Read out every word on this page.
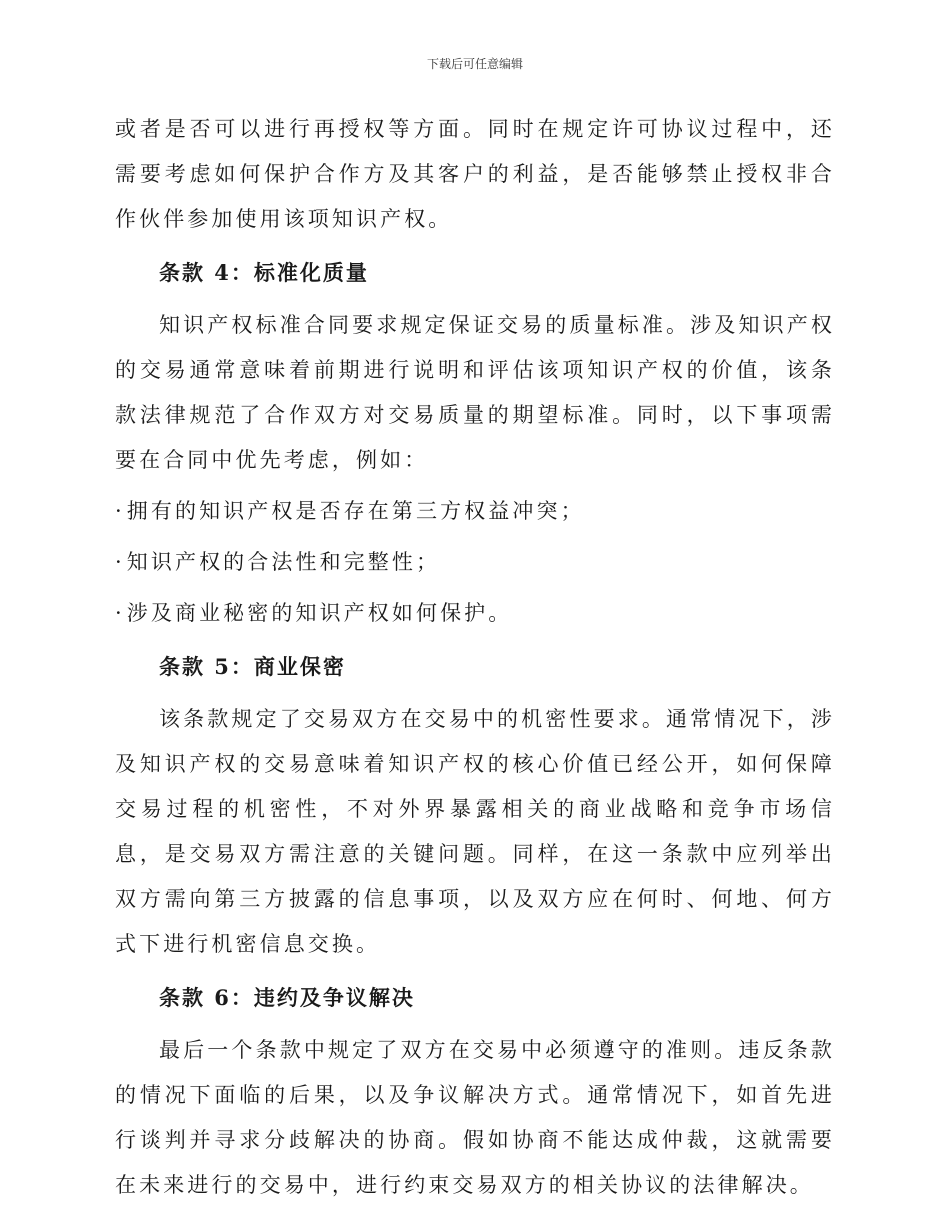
下载后可任意编辑

或者是否可以进行再授权等方面。同时在规定许可协议过程中，还需要考虑如何保护合作方及其客户的利益，是否能够禁止授权非合作伙伴参加使用该项知识产权。

条款 4：标准化质量

知识产权标准合同要求规定保证交易的质量标准。涉及知识产权的交易通常意味着前期进行说明和评估该项知识产权的价值，该条款法律规范了合作双方对交易质量的期望标准。同时，以下事项需要在合同中优先考虑，例如：

·拥有的知识产权是否存在第三方权益冲突；
·知识产权的合法性和完整性；
·涉及商业秘密的知识产权如何保护。
条款 5：商业保密

该条款规定了交易双方在交易中的机密性要求。通常情况下，涉及知识产权的交易意味着知识产权的核心价值已经公开，如何保障交易过程的机密性，不对外界暴露相关的商业战略和竞争市场信息，是交易双方需注意的关键问题。同样，在这一条款中应列举出双方需向第三方披露的信息事项，以及双方应在何时、何地、何方式下进行机密信息交换。

条款 6：违约及争议解决

最后一个条款中规定了双方在交易中必须遵守的准则。违反条款的情况下面临的后果，以及争议解决方式。通常情况下，如首先进行谈判并寻求分歧解决的协商。假如协商不能达成仲裁，这就需要在未来进行的交易中，进行约束交易双方的相关协议的法律解决。
